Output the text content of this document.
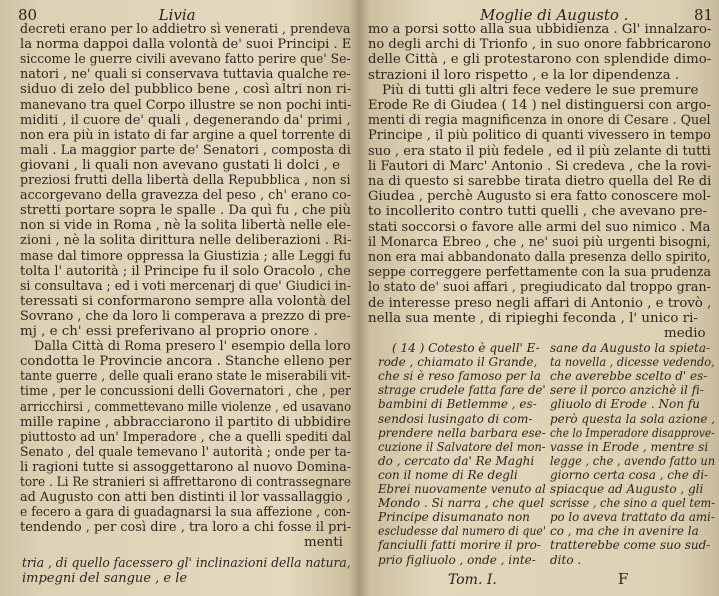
80	Livia
decreti erano per lo addietro sì venerati , prendeva
la norma dappoi dalla volontà de' suoi Principi . E
siccome le guerre civili avevano fatto perire que' Se-
natori , ne' quali si conservava tuttavia qualche re-
siduo di zelo del pubblico bene , così altri non ri-
manevano tra quel Corpo illustre se non pochi inti-
miditi , il cuore de' quali , degenerando da' primi ,
non era più in istato di far argine a quel torrente di
mali . La maggior parte de' Senatori , composta di
giovani , li quali non avevano gustati li dolci , e
preziosi frutti della libertà della Repubblica , non si
accorgevano della gravezza del peso , ch' erano co-
stretti portare sopra le spalle . Da quì fu , che più
non si vide in Roma , nè la solita libertà nelle ele-
zioni , nè la solita dirittura nelle deliberazioni . Ri-
mase dal timore oppressa la Giustizia ; alle Leggi fu
tolta l' autorità ; il Principe fu il solo Oracolo , che
si consultava ; ed i voti mercenarj di que' Giudici in-
teressati si conformarono sempre alla volontà del
Sovrano , che da loro li comperava a prezzo di pre-
mj , e ch' essi preferivano al proprio onore .
Dalla Città di Roma presero l' esempio della loro
condotta le Provincie ancora . Stanche elleno per
tante guerre , delle quali erano state le miserabili vit-
time , per le concussioni delli Governatori , che , per
arricchirsi , commettevano mille violenze , ed usavano
mille rapine , abbracciarono il partito di ubbidire
piuttosto ad un' Imperadore , che a quelli spediti dal
Senato , del quale temevano l' autorità ; onde per ta-
li ragioni tutte si assoggettarono al nuovo Domina-
tore . Li Re stranieri si affrettarono di contrassegnare
ad Augusto con atti ben distinti il lor vassallaggio ,
e fecero a gara di guadagnarsi la sua affezione , con-
tendendo , per così dire , tra loro a chi fosse il pri-
menti
tria , di quello facessero gl' inclinazioni della natura,
impegni del sangue , e le
Moglie di Augusto .	81
mo a porsi sotto alla sua ubbidienza . Gl' innalzaro-
no degli archi di Trionfo , in suo onore fabbricarono
delle Città , e gli protestarono con splendide dimo-
strazioni il loro rispetto , e la lor dipendenza .
Più di tutti gli altri fece vedere le sue premure
Erode Re di Giudea ( 14 ) nel distinguersi con argo-
menti di regia magnificenza in onore di Cesare . Quel
Principe , il più politico di quanti vivessero in tempo
suo , era stato il più fedele , ed il più zelante di tutti
li Fautori di Marc' Antonio . Si credeva , che la rovi-
na di questo si sarebbe tirata dietro quella del Re di
Giudea , perchè Augusto si era fatto conoscere mol-
to incollerito contro tutti quelli , che avevano pre-
stati soccorsi o favore alle armi del suo nimico . Ma
il Monarca Ebreo , che , ne' suoi più urgenti bisogni,
non era mai abbandonato dalla presenza dello spirito,
seppe correggere perfettamente con la sua prudenza
lo stato de' suoi affari , pregiudicato dal troppo gran-
de interesse preso negli affari di Antonio , e trovò ,
nella sua mente , di ripieghi feconda , l' unico ri-
medio
( 14 ) Cotesto è quell' E-
rode , chiamato il Grande,
che si è reso famoso per la
strage crudele fatta fare de'
bambini di Betlemme , es-
sendosi lusingato di com-
prendere nella barbara ese-
cuzione il Salvatore del mon-
do , cercato da' Re Maghi
con il nome di Re degli
Ebrei nuovamente venuto al
Mondo . Si narra , che quel
Principe disumanato non
escludesse dal numero di que'
fanciulli fatti morire il pro-
prio figliuolo , onde , inte-
sane da Augusto la spieta-
ta novella , dicesse vedendo,
che averebbe scelto d' es-
sere il porco anzichè il fi-
gliuolo di Erode . Non fu
però questa la sola azione ,
che lo Imperadore disapprove-
vasse in Erode , mentre si
legge , che , avendo fatto un
giorno certa cosa , che di-
spiacque ad Augusto , gli
scrisse , che sino a quel tem-
po lo aveva trattato da ami-
co , ma che in avenire la
tratterebbe come suo sud-
dito .
Tom. I.	F
